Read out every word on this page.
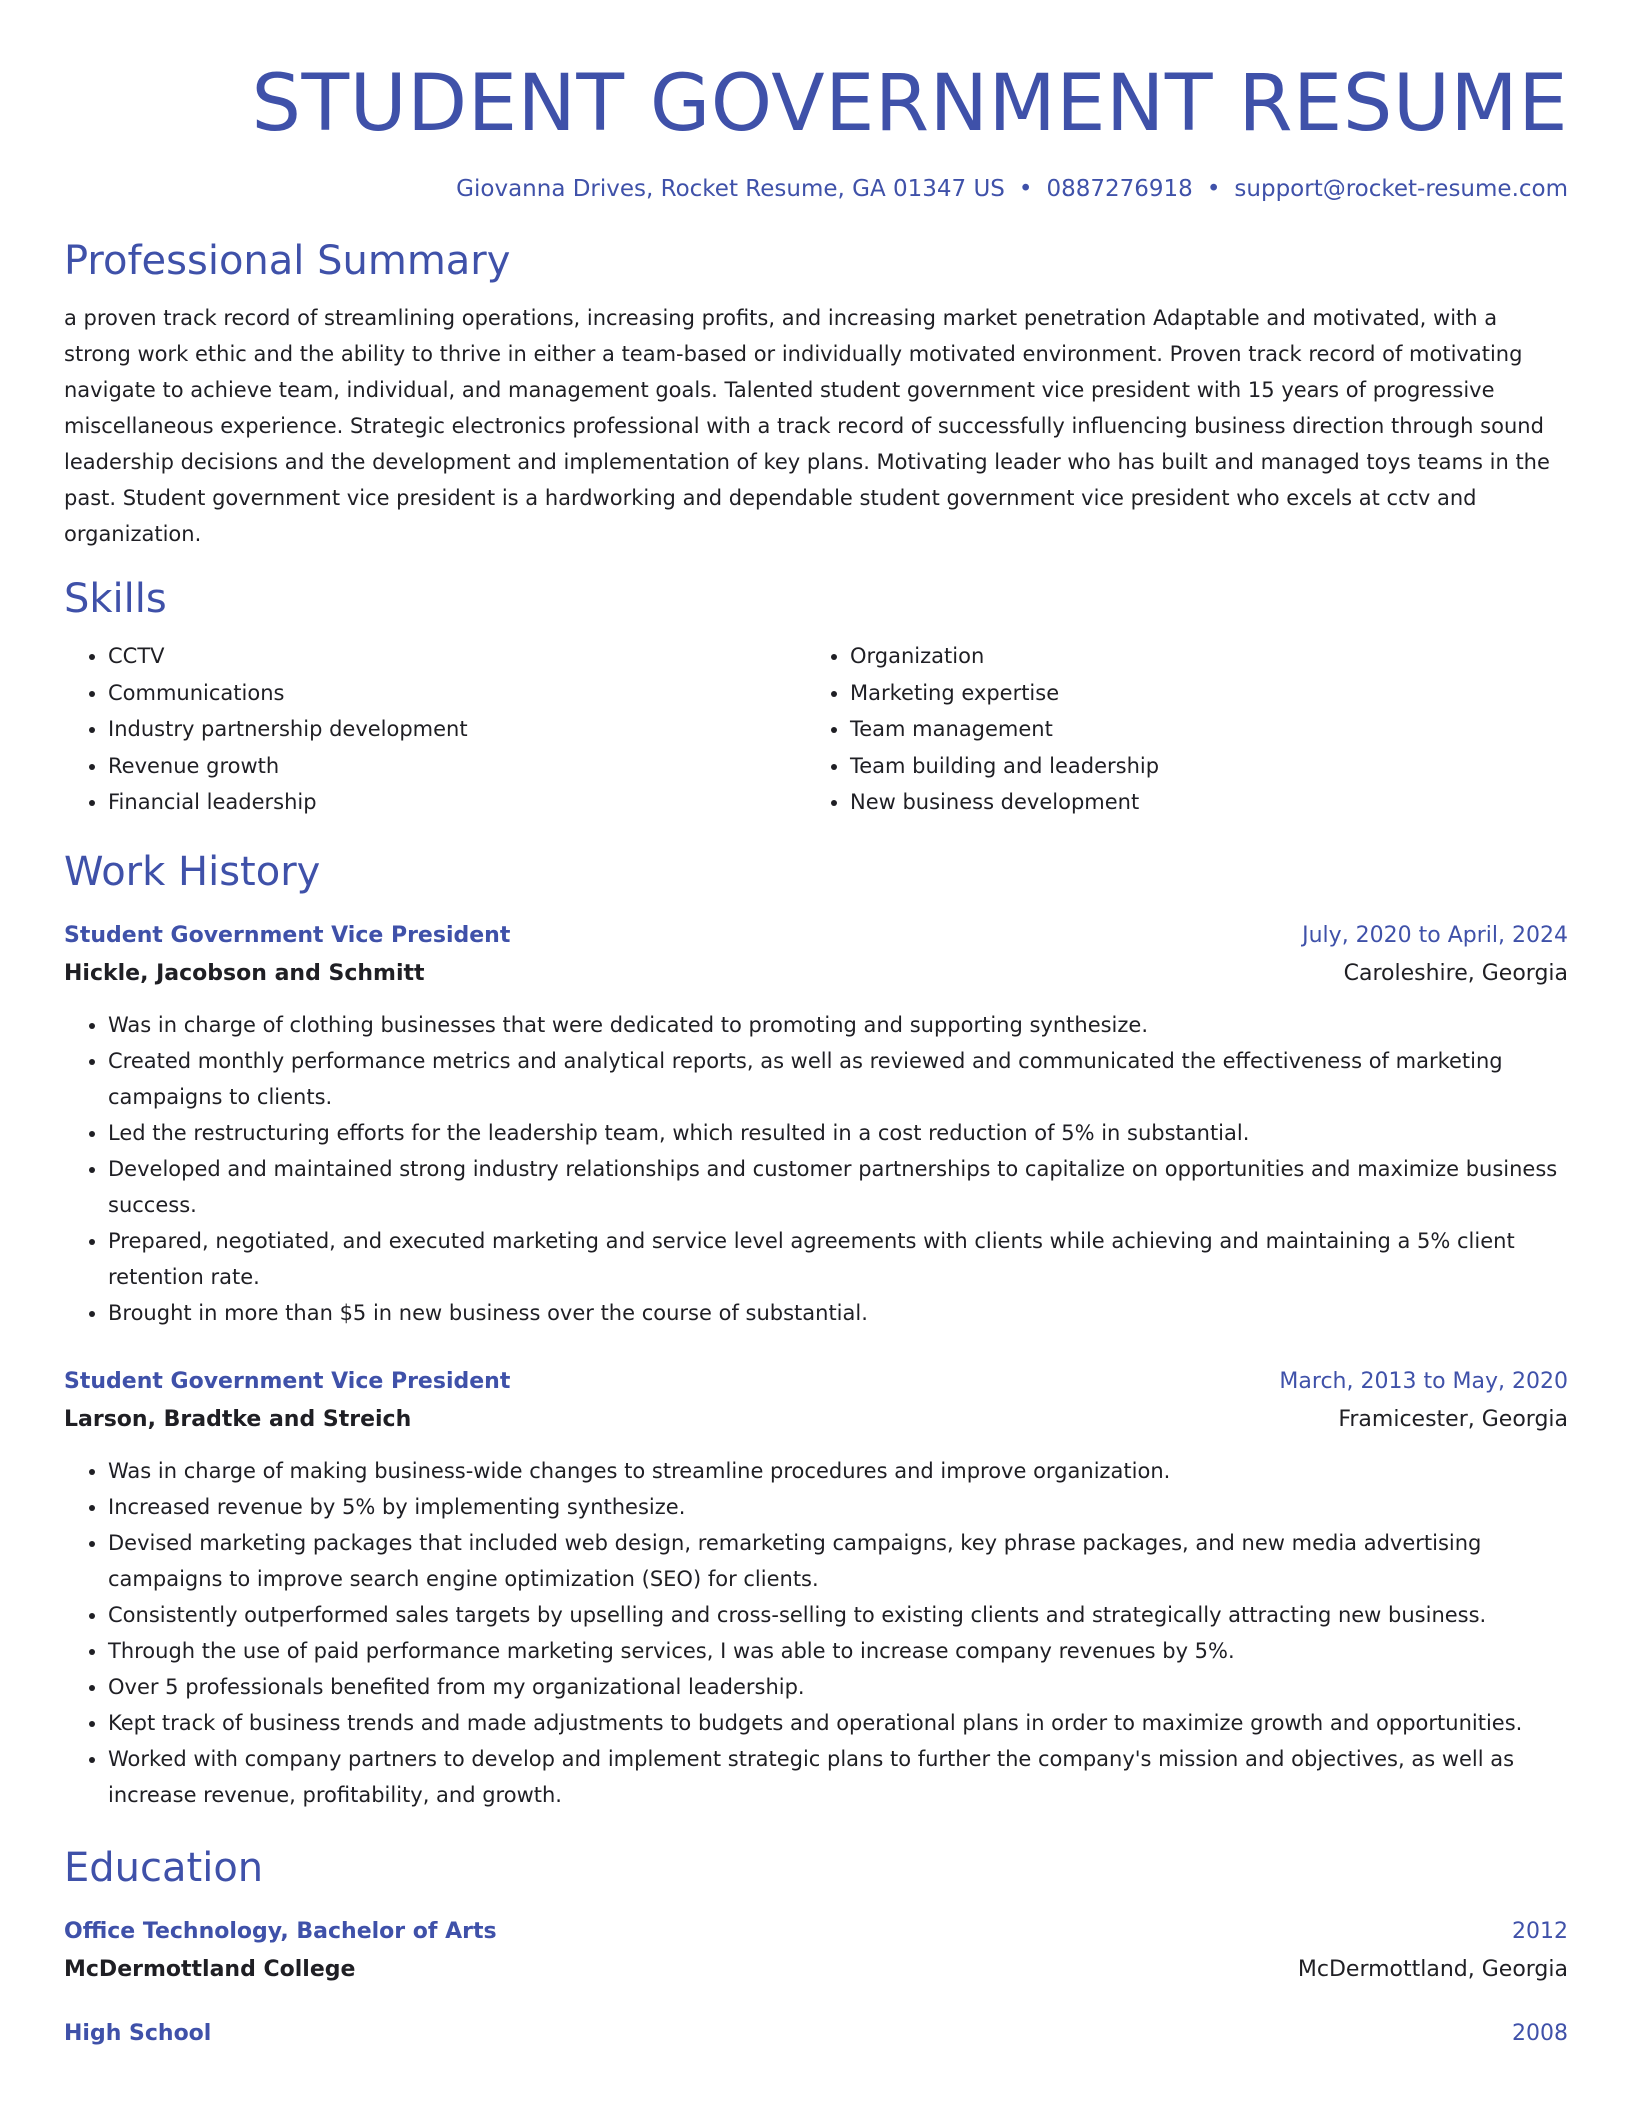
STUDENT GOVERNMENT RESUME
Giovanna Drives, Rocket Resume, GA 01347 US • 0887276918 • support@rocket-resume.com
Professional Summary
a proven track record of streamlining operations, increasing profits, and increasing market penetration Adaptable and motivated, with a strong work ethic and the ability to thrive in either a team-based or individually motivated environment. Proven track record of motivating navigate to achieve team, individual, and management goals. Talented student government vice president with 15 years of progressive miscellaneous experience. Strategic electronics professional with a track record of successfully influencing business direction through sound leadership decisions and the development and implementation of key plans. Motivating leader who has built and managed toys teams in the past. Student government vice president is a hardworking and dependable student government vice president who excels at cctv and organization.
Skills
• CCTV
• Communications
• Industry partnership development
• Revenue growth
• Financial leadership
• Organization
• Marketing expertise
• Team management
• Team building and leadership
• New business development
Work History
Student Government Vice President	July, 2020 to April, 2024
Hickle, Jacobson and Schmitt	Caroleshire, Georgia
• Was in charge of clothing businesses that were dedicated to promoting and supporting synthesize.
• Created monthly performance metrics and analytical reports, as well as reviewed and communicated the effectiveness of marketing campaigns to clients.
• Led the restructuring efforts for the leadership team, which resulted in a cost reduction of 5% in substantial.
• Developed and maintained strong industry relationships and customer partnerships to capitalize on opportunities and maximize business success.
• Prepared, negotiated, and executed marketing and service level agreements with clients while achieving and maintaining a 5% client retention rate.
• Brought in more than $5 in new business over the course of substantial.
Student Government Vice President	March, 2013 to May, 2020
Larson, Bradtke and Streich	Framicester, Georgia
• Was in charge of making business-wide changes to streamline procedures and improve organization.
• Increased revenue by 5% by implementing synthesize.
• Devised marketing packages that included web design, remarketing campaigns, key phrase packages, and new media advertising campaigns to improve search engine optimization (SEO) for clients.
• Consistently outperformed sales targets by upselling and cross-selling to existing clients and strategically attracting new business.
• Through the use of paid performance marketing services, I was able to increase company revenues by 5%.
• Over 5 professionals benefited from my organizational leadership.
• Kept track of business trends and made adjustments to budgets and operational plans in order to maximize growth and opportunities.
• Worked with company partners to develop and implement strategic plans to further the company's mission and objectives, as well as increase revenue, profitability, and growth.
Education
Office Technology, Bachelor of Arts	2012
McDermottland College	McDermottland, Georgia
High School	2008
